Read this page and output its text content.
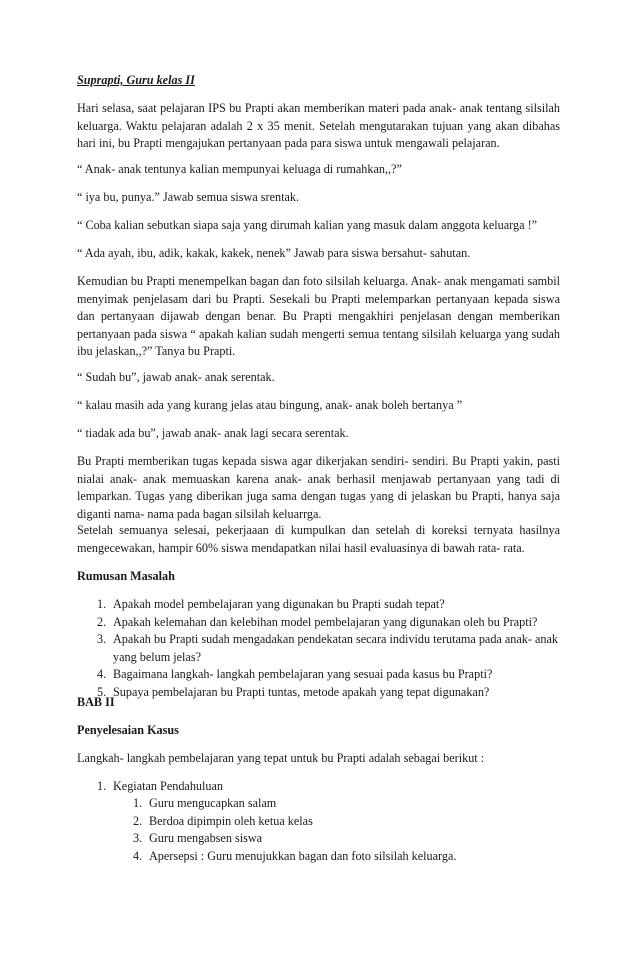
Suprapti, Guru kelas II

Hari selasa, saat pelajaran IPS bu Prapti akan memberikan materi pada anak- anak tentang silsilah keluarga. Waktu pelajaran adalah 2 x 35 menit. Setelah mengutarakan tujuan yang akan dibahas hari ini, bu Prapti mengajukan pertanyaan pada para siswa untuk mengawali pelajaran.

“ Anak- anak tentunya kalian mempunyai keluaga di rumahkan,,?”

“ iya bu, punya.” Jawab semua siswa srentak.

“ Coba kalian sebutkan siapa saja yang dirumah kalian yang masuk dalam anggota keluarga !”

“ Ada ayah, ibu, adik, kakak, kakek, nenek” Jawab para siswa bersahut- sahutan.

Kemudian bu Prapti menempelkan bagan dan foto silsilah keluarga. Anak- anak mengamati sambil menyimak penjelasam dari bu Prapti. Sesekali bu Prapti melemparkan pertanyaan kepada siswa dan pertanyaan dijawab dengan benar. Bu Prapti mengakhiri penjelasan dengan memberikan pertanyaan pada siswa “ apakah kalian sudah mengerti semua tentang silsilah keluarga yang sudah ibu jelaskan,,?” Tanya bu Prapti.

“ Sudah bu”, jawab anak- anak serentak.

“ kalau masih ada yang kurang jelas atau bingung, anak- anak boleh bertanya ”

“ tiadak ada bu”, jawab anak- anak lagi secara serentak.

Bu Prapti memberikan tugas kepada siswa agar dikerjakan sendiri- sendiri. Bu Prapti yakin, pasti nialai anak- anak memuaskan karena anak- anak berhasil menjawab pertanyaan yang tadi di lemparkan. Tugas yang diberikan juga sama dengan tugas yang di jelaskan bu Prapti, hanya saja diganti nama- nama pada bagan silsilah keluarrga.

Setelah semuanya selesai, pekerjaaan di kumpulkan dan setelah di koreksi ternyata hasilnya mengecewakan, hampir 60% siswa mendapatkan nilai hasil evaluasinya di bawah rata- rata.

Rumusan Masalah
1. Apakah model pembelajaran yang digunakan bu Prapti sudah tepat?
2. Apakah kelemahan dan kelebihan model pembelajaran yang digunakan oleh bu Prapti?
3. Apakah bu Prapti sudah mengadakan pendekatan secara individu terutama pada anak- anak yang belum jelas?
4. Bagaimana langkah- langkah pembelajaran yang sesuai pada kasus bu Prapti?
5. Supaya pembelajaran bu Prapti tuntas, metode apakah yang tepat digunakan?
BAB II
Penyelesaian Kasus

Langkah- langkah pembelajaran yang tepat untuk bu Prapti adalah sebagai berikut :

1. Kegiatan Pendahuluan
1. Guru mengucapkan salam
2. Berdoa dipimpin oleh ketua kelas
3. Guru mengabsen siswa
4. Apersepsi : Guru menujukkan bagan dan foto silsilah keluarga.
